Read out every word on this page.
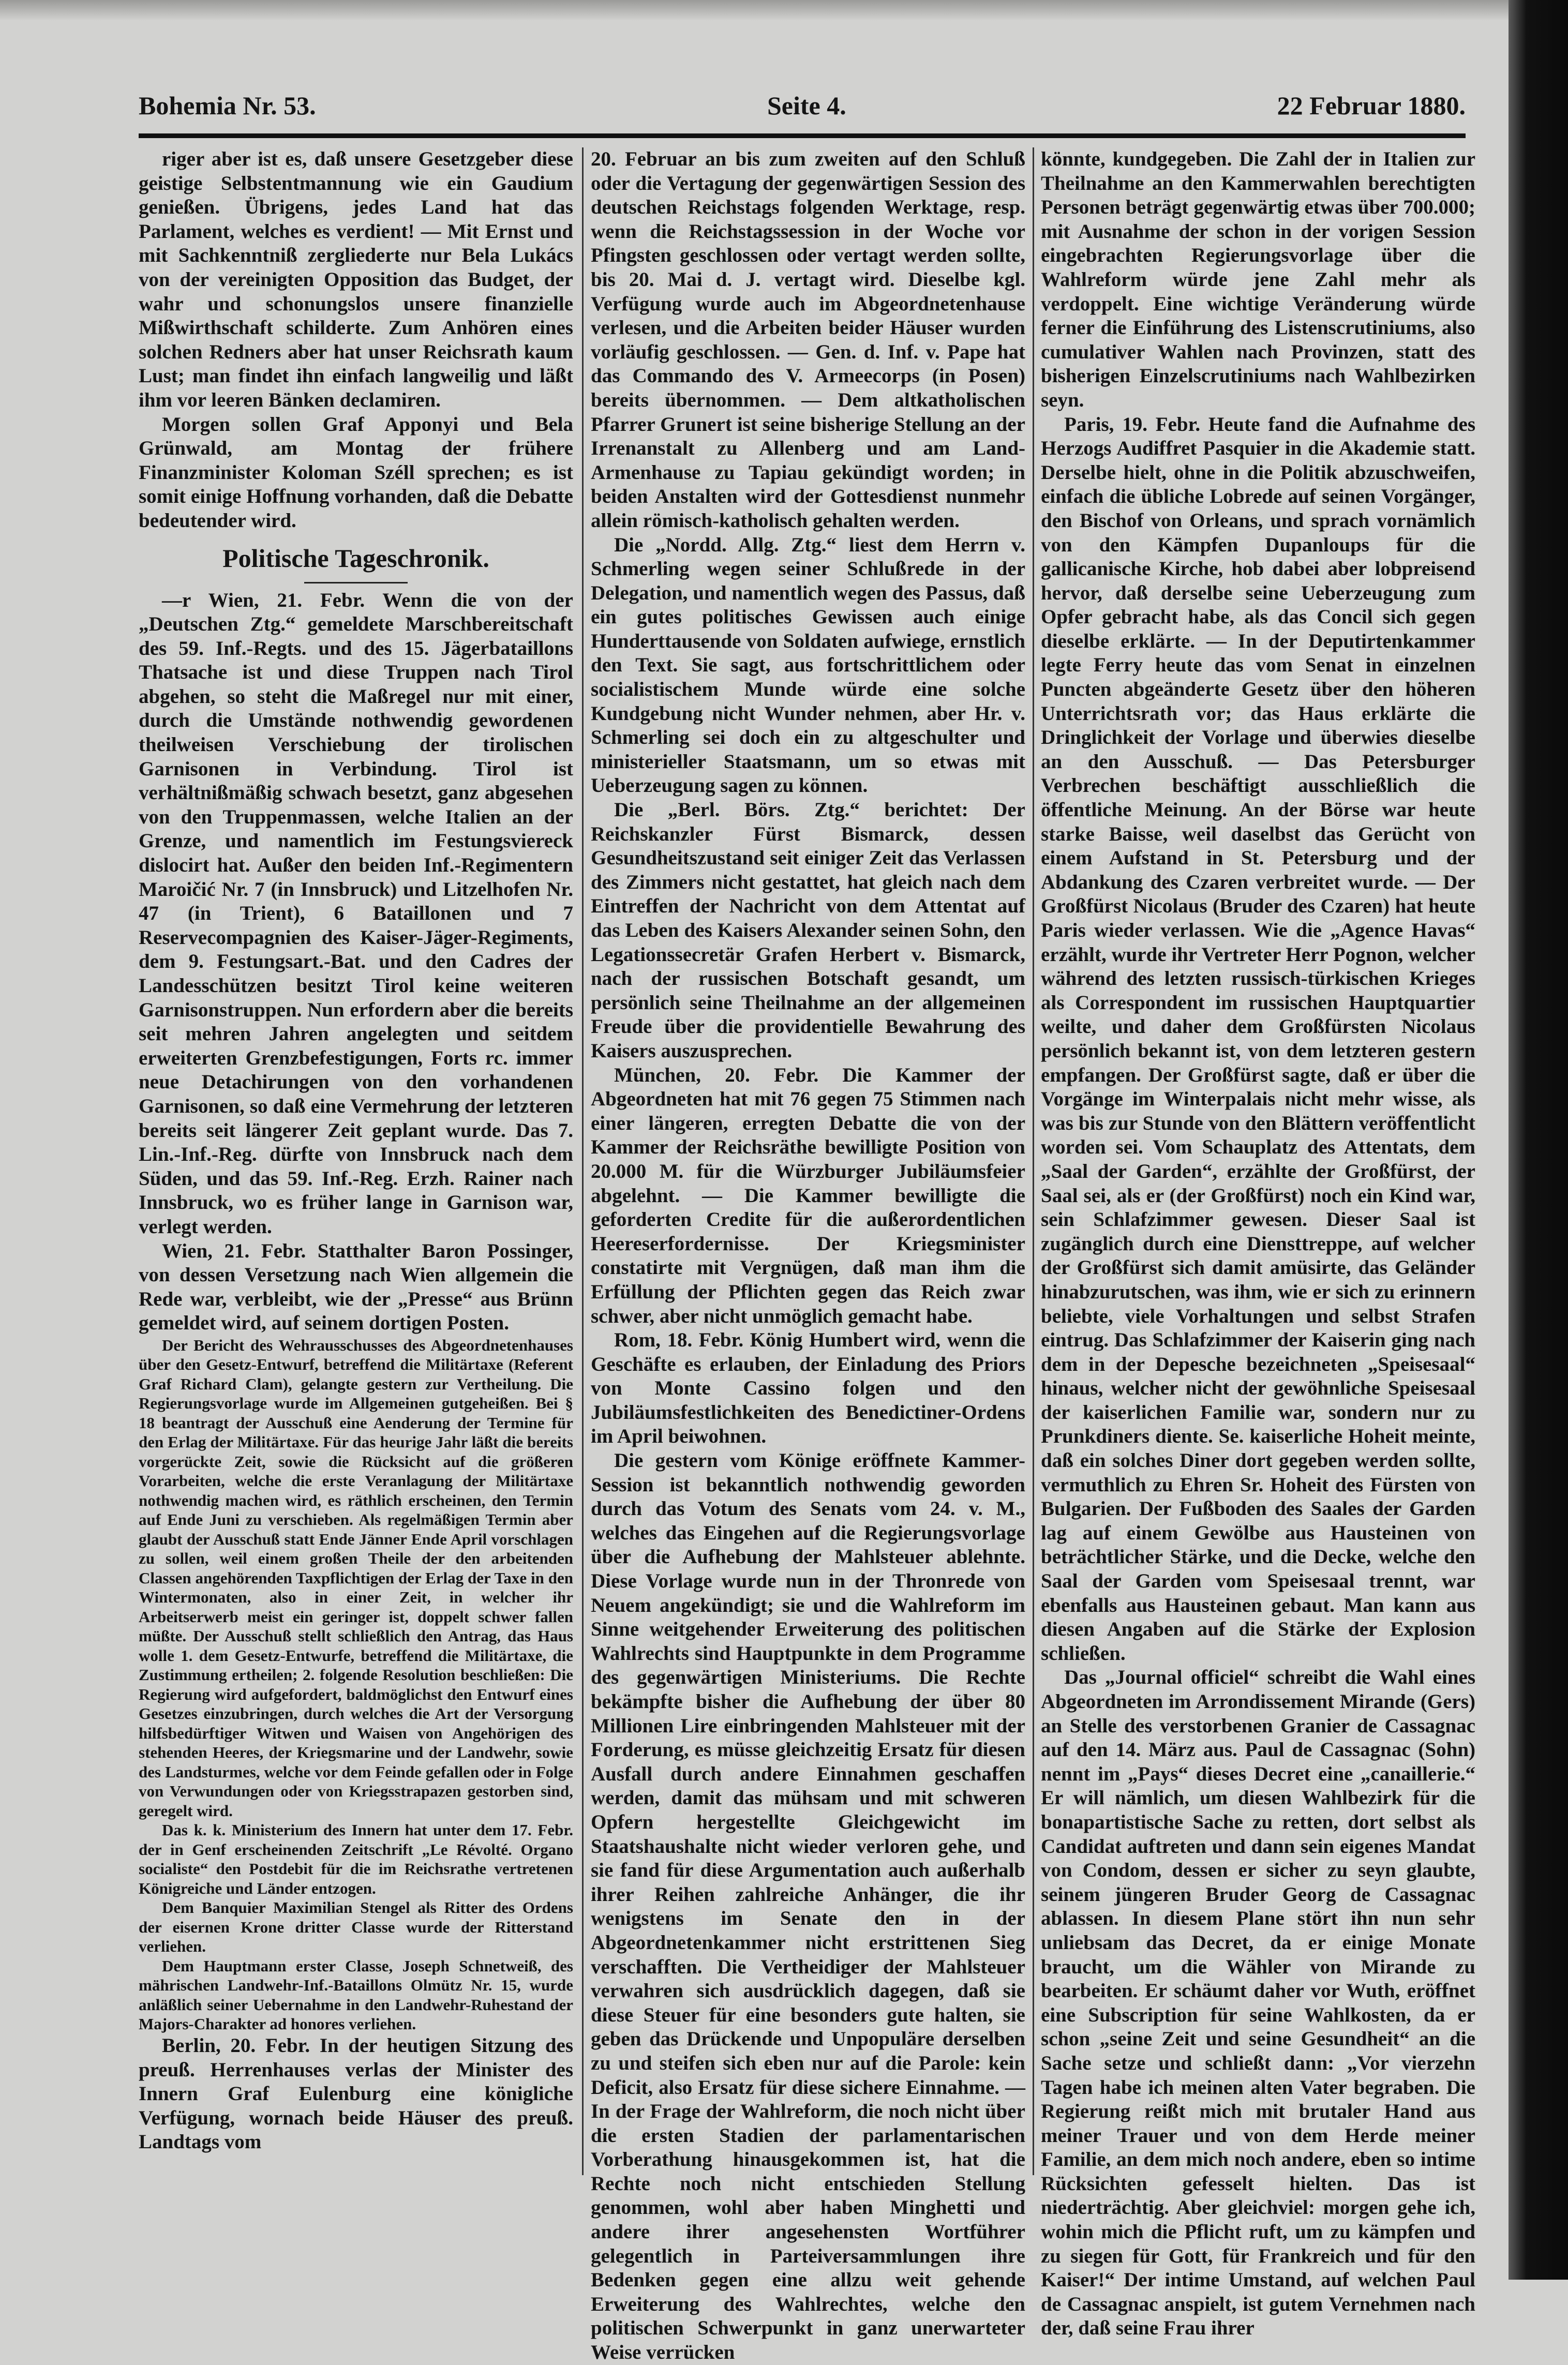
Bohemia Nr. 53.	Seite 4.	22 Februar 1880.

riger aber ist es, daß unsere Gesetzgeber diese geistige Selbstentmannung wie ein Gaudium genießen. Übrigens, jedes Land hat das Parlament, welches es verdient! — Mit Ernst und mit Sachkenntniß zergliederte nur Bela Lukács von der vereinigten Opposition das Budget, der wahr und schonungslos unsere finanzielle Mißwirthschaft schilderte. Zum Anhören eines solchen Redners aber hat unser Reichsrath kaum Lust; man findet ihn einfach langweilig und läßt ihm vor leeren Bänken declamiren.

Morgen sollen Graf Apponyi und Bela Grünwald, am Montag der frühere Finanzminister Koloman Széll sprechen; es ist somit einige Hoffnung vorhanden, daß die Debatte bedeutender wird.

Politische Tageschronik.

—r Wien, 21. Febr. Wenn die von der „Deutschen Ztg.“ gemeldete Marschbereitschaft des 59. Inf.-Regts. und des 15. Jägerbataillons Thatsache ist und diese Truppen nach Tirol abgehen, so steht die Maßregel nur mit einer, durch die Umstände nothwendig gewordenen theilweisen Verschiebung der tirolischen Garnisonen in Verbindung. Tirol ist verhältnißmäßig schwach besetzt, ganz abgesehen von den Truppenmassen, welche Italien an der Grenze, und namentlich im Festungsviereck dislocirt hat. Außer den beiden Inf.-Regimentern Maroičić Nr. 7 (in Innsbruck) und Litzelhofen Nr. 47 (in Trient), 6 Bataillonen und 7 Reservecompagnien des Kaiser-Jäger-Regiments, dem 9. Festungsart.-Bat. und den Cadres der Landesschützen besitzt Tirol keine weiteren Garnisonstruppen. Nun erfordern aber die bereits seit mehren Jahren angelegten und seitdem erweiterten Grenzbefestigungen, Forts rc. immer neue Detachirungen von den vorhandenen Garnisonen, so daß eine Vermehrung der letzteren bereits seit längerer Zeit geplant wurde. Das 7. Lin.-Inf.-Reg. dürfte von Innsbruck nach dem Süden, und das 59. Inf.-Reg. Erzh. Rainer nach Innsbruck, wo es früher lange in Garnison war, verlegt werden.

Wien, 21. Febr. Statthalter Baron Possinger, von dessen Versetzung nach Wien allgemein die Rede war, verbleibt, wie der „Presse“ aus Brünn gemeldet wird, auf seinem dortigen Posten.

Der Bericht des Wehrausschusses des Abgeordnetenhauses über den Gesetz-Entwurf, betreffend die Militärtaxe (Referent Graf Richard Clam), gelangte gestern zur Vertheilung. Die Regierungsvorlage wurde im Allgemeinen gutgeheißen. Bei § 18 beantragt der Ausschuß eine Aenderung der Termine für den Erlag der Militärtaxe. Für das heurige Jahr läßt die bereits vorgerückte Zeit, sowie die Rücksicht auf die größeren Vorarbeiten, welche die erste Veranlagung der Militärtaxe nothwendig machen wird, es räthlich erscheinen, den Termin auf Ende Juni zu verschieben. Als regelmäßigen Termin aber glaubt der Ausschuß statt Ende Jänner Ende April vorschlagen zu sollen, weil einem großen Theile der den arbeitenden Classen angehörenden Taxpflichtigen der Erlag der Taxe in den Wintermonaten, also in einer Zeit, in welcher ihr Arbeitserwerb meist ein geringer ist, doppelt schwer fallen müßte. Der Ausschuß stellt schließlich den Antrag, das Haus wolle 1. dem Gesetz-Entwurfe, betreffend die Militärtaxe, die Zustimmung ertheilen; 2. folgende Resolution beschließen: Die Regierung wird aufgefordert, baldmöglichst den Entwurf eines Gesetzes einzubringen, durch welches die Art der Versorgung hilfsbedürftiger Witwen und Waisen von Angehörigen des stehenden Heeres, der Kriegsmarine und der Landwehr, sowie des Landsturmes, welche vor dem Feinde gefallen oder in Folge von Verwundungen oder von Kriegsstrapazen gestorben sind, geregelt wird.

Das k. k. Ministerium des Innern hat unter dem 17. Febr. der in Genf erscheinenden Zeitschrift „Le Révolté. Organo socialiste“ den Postdebit für die im Reichsrathe vertretenen Königreiche und Länder entzogen.

Dem Banquier Maximilian Stengel als Ritter des Ordens der eisernen Krone dritter Classe wurde der Ritterstand verliehen.

Dem Hauptmann erster Classe, Joseph Schnetweiß, des mährischen Landwehr-Inf.-Bataillons Olmütz Nr. 15, wurde anläßlich seiner Uebernahme in den Landwehr-Ruhestand der Majors-Charakter ad honores verliehen.

Berlin, 20. Febr. In der heutigen Sitzung des preuß. Herrenhauses verlas der Minister des Innern Graf Eulenburg eine königliche Verfügung, wornach beide Häuser des preuß. Landtags vom

20. Februar an bis zum zweiten auf den Schluß oder die Vertagung der gegenwärtigen Session des deutschen Reichstags folgenden Werktage, resp. wenn die Reichstagssession in der Woche vor Pfingsten geschlossen oder vertagt werden sollte, bis 20. Mai d. J. vertagt wird. Dieselbe kgl. Verfügung wurde auch im Abgeordnetenhause verlesen, und die Arbeiten beider Häuser wurden vorläufig geschlossen. — Gen. d. Inf. v. Pape hat das Commando des V. Armeecorps (in Posen) bereits übernommen. — Dem altkatholischen Pfarrer Grunert ist seine bisherige Stellung an der Irrenanstalt zu Allenberg und am Land-Armenhause zu Tapiau gekündigt worden; in beiden Anstalten wird der Gottesdienst nunmehr allein römisch-katholisch gehalten werden.

Die „Nordd. Allg. Ztg.“ liest dem Herrn v. Schmerling wegen seiner Schlußrede in der Delegation, und namentlich wegen des Passus, daß ein gutes politisches Gewissen auch einige Hunderttausende von Soldaten aufwiege, ernstlich den Text. Sie sagt, aus fortschrittlichem oder socialistischem Munde würde eine solche Kundgebung nicht Wunder nehmen, aber Hr. v. Schmerling sei doch ein zu altgeschulter und ministerieller Staatsmann, um so etwas mit Ueberzeugung sagen zu können.

Die „Berl. Börs. Ztg.“ berichtet: Der Reichskanzler Fürst Bismarck, dessen Gesundheitszustand seit einiger Zeit das Verlassen des Zimmers nicht gestattet, hat gleich nach dem Eintreffen der Nachricht von dem Attentat auf das Leben des Kaisers Alexander seinen Sohn, den Legationssecretär Grafen Herbert v. Bismarck, nach der russischen Botschaft gesandt, um persönlich seine Theilnahme an der allgemeinen Freude über die providentielle Bewahrung des Kaisers auszusprechen.

München, 20. Febr. Die Kammer der Abgeordneten hat mit 76 gegen 75 Stimmen nach einer längeren, erregten Debatte die von der Kammer der Reichsräthe bewilligte Position von 20.000 M. für die Würzburger Jubiläumsfeier abgelehnt. — Die Kammer bewilligte die geforderten Credite für die außerordentlichen Heereserfordernisse. Der Kriegsminister constatirte mit Vergnügen, daß man ihm die Erfüllung der Pflichten gegen das Reich zwar schwer, aber nicht unmöglich gemacht habe.

Rom, 18. Febr. König Humbert wird, wenn die Geschäfte es erlauben, der Einladung des Priors von Monte Cassino folgen und den Jubiläumsfestlichkeiten des Benedictiner-Ordens im April beiwohnen.

Die gestern vom Könige eröffnete Kammer-Session ist bekanntlich nothwendig geworden durch das Votum des Senats vom 24. v. M., welches das Eingehen auf die Regierungsvorlage über die Aufhebung der Mahlsteuer ablehnte. Diese Vorlage wurde nun in der Thronrede von Neuem angekündigt; sie und die Wahlreform im Sinne weitgehender Erweiterung des politischen Wahlrechts sind Hauptpunkte in dem Programme des gegenwärtigen Ministeriums. Die Rechte bekämpfte bisher die Aufhebung der über 80 Millionen Lire einbringenden Mahlsteuer mit der Forderung, es müsse gleichzeitig Ersatz für diesen Ausfall durch andere Einnahmen geschaffen werden, damit das mühsam und mit schweren Opfern hergestellte Gleichgewicht im Staatshaushalte nicht wieder verloren gehe, und sie fand für diese Argumentation auch außerhalb ihrer Reihen zahlreiche Anhänger, die ihr wenigstens im Senate den in der Abgeordnetenkammer nicht erstrittenen Sieg verschafften. Die Vertheidiger der Mahlsteuer verwahren sich ausdrücklich dagegen, daß sie diese Steuer für eine besonders gute halten, sie geben das Drückende und Unpopuläre derselben zu und steifen sich eben nur auf die Parole: kein Deficit, also Ersatz für diese sichere Einnahme. — In der Frage der Wahlreform, die noch nicht über die ersten Stadien der parlamentarischen Vorberathung hinausgekommen ist, hat die Rechte noch nicht entschieden Stellung genommen, wohl aber haben Minghetti und andere ihrer angesehensten Wortführer gelegentlich in Parteiversammlungen ihre Bedenken gegen eine allzu weit gehende Erweiterung des Wahlrechtes, welche den politischen Schwerpunkt in ganz unerwarteter Weise verrücken

könnte, kundgegeben. Die Zahl der in Italien zur Theilnahme an den Kammerwahlen berechtigten Personen beträgt gegenwärtig etwas über 700.000; mit Ausnahme der schon in der vorigen Session eingebrachten Regierungsvorlage über die Wahlreform würde jene Zahl mehr als verdoppelt. Eine wichtige Veränderung würde ferner die Einführung des Listenscrutiniums, also cumulativer Wahlen nach Provinzen, statt des bisherigen Einzelscrutiniums nach Wahlbezirken seyn.

Paris, 19. Febr. Heute fand die Aufnahme des Herzogs Audiffret Pasquier in die Akademie statt. Derselbe hielt, ohne in die Politik abzuschweifen, einfach die übliche Lobrede auf seinen Vorgänger, den Bischof von Orleans, und sprach vornämlich von den Kämpfen Dupanloups für die gallicanische Kirche, hob dabei aber lobpreisend hervor, daß derselbe seine Ueberzeugung zum Opfer gebracht habe, als das Concil sich gegen dieselbe erklärte. — In der Deputirtenkammer legte Ferry heute das vom Senat in einzelnen Puncten abgeänderte Gesetz über den höheren Unterrichtsrath vor; das Haus erklärte die Dringlichkeit der Vorlage und überwies dieselbe an den Ausschuß. — Das Petersburger Verbrechen beschäftigt ausschließlich die öffentliche Meinung. An der Börse war heute starke Baisse, weil daselbst das Gerücht von einem Aufstand in St. Petersburg und der Abdankung des Czaren verbreitet wurde. — Der Großfürst Nicolaus (Bruder des Czaren) hat heute Paris wieder verlassen. Wie die „Agence Havas“ erzählt, wurde ihr Vertreter Herr Pognon, welcher während des letzten russisch-türkischen Krieges als Correspondent im russischen Hauptquartier weilte, und daher dem Großfürsten Nicolaus persönlich bekannt ist, von dem letzteren gestern empfangen. Der Großfürst sagte, daß er über die Vorgänge im Winterpalais nicht mehr wisse, als was bis zur Stunde von den Blättern veröffentlicht worden sei. Vom Schauplatz des Attentats, dem „Saal der Garden“, erzählte der Großfürst, der Saal sei, als er (der Großfürst) noch ein Kind war, sein Schlafzimmer gewesen. Dieser Saal ist zugänglich durch eine Diensttreppe, auf welcher der Großfürst sich damit amüsirte, das Geländer hinabzurutschen, was ihm, wie er sich zu erinnern beliebte, viele Vorhaltungen und selbst Strafen eintrug. Das Schlafzimmer der Kaiserin ging nach dem in der Depesche bezeichneten „Speisesaal“ hinaus, welcher nicht der gewöhnliche Speisesaal der kaiserlichen Familie war, sondern nur zu Prunkdiners diente. Se. kaiserliche Hoheit meinte, daß ein solches Diner dort gegeben werden sollte, vermuthlich zu Ehren Sr. Hoheit des Fürsten von Bulgarien. Der Fußboden des Saales der Garden lag auf einem Gewölbe aus Hausteinen von beträchtlicher Stärke, und die Decke, welche den Saal der Garden vom Speisesaal trennt, war ebenfalls aus Hausteinen gebaut. Man kann aus diesen Angaben auf die Stärke der Explosion schließen.

Das „Journal officiel“ schreibt die Wahl eines Abgeordneten im Arrondissement Mirande (Gers) an Stelle des verstorbenen Granier de Cassagnac auf den 14. März aus. Paul de Cassagnac (Sohn) nennt im „Pays“ dieses Decret eine „canaillerie.“ Er will nämlich, um diesen Wahlbezirk für die bonapartistische Sache zu retten, dort selbst als Candidat auftreten und dann sein eigenes Mandat von Condom, dessen er sicher zu seyn glaubte, seinem jüngeren Bruder Georg de Cassagnac ablassen. In diesem Plane stört ihn nun sehr unliebsam das Decret, da er einige Monate braucht, um die Wähler von Mirande zu bearbeiten. Er schäumt daher vor Wuth, eröffnet eine Subscription für seine Wahlkosten, da er schon „seine Zeit und seine Gesundheit“ an die Sache setze und schließt dann: „Vor vierzehn Tagen habe ich meinen alten Vater begraben. Die Regierung reißt mich mit brutaler Hand aus meiner Trauer und von dem Herde meiner Familie, an dem mich noch andere, eben so intime Rücksichten gefesselt hielten. Das ist niederträchtig. Aber gleichviel: morgen gehe ich, wohin mich die Pflicht ruft, um zu kämpfen und zu siegen für Gott, für Frankreich und für den Kaiser!“ Der intime Umstand, auf welchen Paul de Cassagnac anspielt, ist gutem Vernehmen nach der, daß seine Frau ihrer
